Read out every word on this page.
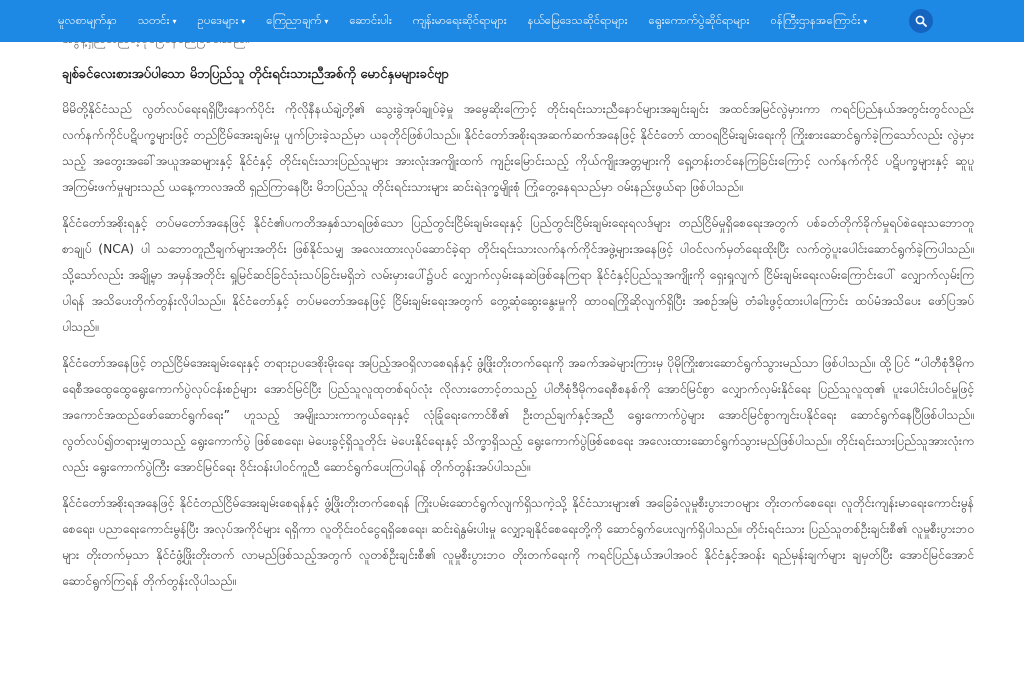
ချစ်ခင်လေးစားအပ်ပါသော မိဘပြည်သူ တိုင်းရင်းသားညီအစ်ကို မောင်နှမများခင်ဗျာ

မိမိတို့နိုင်ငံသည် လွတ်လပ်ရေးရရှိပြီးနောက်ပိုင်း ကိုလိုနီနယ်ချဲ့တို့၏ သွေးခွဲအုပ်ချုပ်ခဲ့မှု အမွေဆိုးကြောင့် တိုင်းရင်းသားညီနောင်များအချင်းချင်း အထင်အမြင်လွဲမှားကာ ကရင်ပြည်နယ်အတွင်းတွင်လည်း လက်နက်ကိုင်ပဋိပက္ခများဖြင့် တည်ငြိမ်အေးချမ်းမှု ပျက်ပြားခဲ့သည်မှာ ယခုတိုင်ဖြစ်ပါသည်။ နိုင်ငံတော်အစိုးရအဆက်ဆက်အနေဖြင့် နိုင်ငံတော် ထာဝရငြိမ်းချမ်းရေးကို ကြိုးစားဆောင်ရွက်ခဲ့ကြသော်လည်း လွဲမှားသည့် အတွေးအခေါ်အယူအဆများနှင့် နိုင်ငံနှင့် တိုင်းရင်းသားပြည်သူများ အားလုံးအကျိုးထက် ကျဉ်းမြောင်းသည့် ကိုယ်ကျိုးအတ္တများကို ရှေ့တန်းတင်နေကြခြင်းကြောင့် လက်နက်ကိုင် ပဋိပက္ခများနှင့် ဆူပူအကြမ်းဖက်မှုများသည် ယနေ့ကာလအထိ ရှည်ကြာနေပြီး မိဘပြည်သူ တိုင်းရင်းသားများ ဆင်းရဲဒုက္ခမျိုးစုံ ကြုံတွေ့နေရသည်မှာ ဝမ်းနည်းဖွယ်ရာ ဖြစ်ပါသည်။

နိုင်ငံတော်အစိုးရနှင့် တပ်မတော်အနေဖြင့် နိုင်ငံ၏ပကတိအနှစ်သာရဖြစ်သော ပြည်တွင်းငြိမ်းချမ်းရေးနှင့် ပြည်တွင်းငြိမ်းချမ်းရေးရလဒ်များ တည်ငြိမ်မှုရှိစေရေးအတွက် ပစ်ခတ်တိုက်ခိုက်မှုရပ်စဲရေးသဘောတူစာချုပ် (NCA) ပါ သဘောတူညီချက်များအတိုင်း ဖြစ်နိုင်သမျှ အလေးထားလုပ်ဆောင်ခဲ့ရာ တိုင်းရင်းသားလက်နက်ကိုင်အဖွဲ့များအနေဖြင့် ပါဝင်လက်မှတ်ရေးထိုးပြီး လက်တွဲပူးပေါင်းဆောင်ရွက်ခဲ့ကြပါသည်။ သို့သော်လည်း အချို့မှာ အမှန်အတိုင်း ရှုမြင်ဆင်ခြင်သုံးသပ်ခြင်းမရှိဘဲ လမ်းမှားပေါ်၌ပင် လျှောက်လှမ်းနေဆဲဖြစ်နေကြရာ နိုင်ငံနှင့်ပြည်သူအကျိုးကို ရှေးရှုလျက် ငြိမ်းချမ်းရေးလမ်းကြောင်းပေါ် လျှောက်လှမ်းကြပါရန် အသိပေးတိုက်တွန်းလိုပါသည်။ နိုင်ငံတော်နှင့် တပ်မတော်အနေဖြင့် ငြိမ်းချမ်းရေးအတွက် တွေ့ဆုံဆွေးနွေးမှုကို ထာဝရကြိုဆိုလျက်ရှိပြီး အစဉ်အမြဲ တံခါးဖွင့်ထားပါကြောင်း ထပ်မံအသိပေး ဖော်ပြအပ်ပါသည်။

နိုင်ငံတော်အနေဖြင့် တည်ငြိမ်အေးချမ်းရေးနှင့် တရားဥပဒေစိုးမိုးရေး အပြည့်အဝရှိလာစေရန်နှင့် ဖွံ့ဖြိုးတိုးတက်ရေးကို အခက်အခဲများကြားမှ ပိုမိုကြိုးစားဆောင်ရွက်သွားမည်သာ ဖြစ်ပါသည်။ ထို့ပြင် “ပါတီစုံဒီမိုကရေစီအထွေထွေရွေးကောက်ပွဲလုပ်ငန်းစဉ်များ အောင်မြင်ပြီး ပြည်သူလူထုတစ်ရပ်လုံး လိုလားတောင့်တသည့် ပါတီစုံဒီမိုကရေစီစနစ်ကို အောင်မြင်စွာ လျှောက်လှမ်းနိုင်ရေး ပြည်သူလူထု၏ ပူးပေါင်းပါဝင်မှုဖြင့် အကောင်အထည်ဖော်ဆောင်ရွက်ရေး” ဟူသည့် အမျိုးသားကာကွယ်ရေးနှင့် လုံခြုံရေးကောင်စီ၏ ဦးတည်ချက်နှင့်အညီ ရွေးကောက်ပွဲများ အောင်မြင်စွာကျင်းပနိုင်ရေး ဆောင်ရွက်နေပြီဖြစ်ပါသည်။ လွတ်လပ်၍တရားမျှတသည့် ရွေးကောက်ပွဲ ဖြစ်စေရေး၊ မဲပေးခွင့်ရှိသူတိုင်း မဲပေးနိုင်ရေးနှင့် သိက္ခာရှိသည့် ရွေးကောက်ပွဲဖြစ်စေရေး အလေးထားဆောင်ရွက်သွားမည်ဖြစ်ပါသည်။ တိုင်းရင်းသားပြည်သူအားလုံးကလည်း ရွေးကောက်ပွဲကြီး အောင်မြင်ရေး ဝိုင်းဝန်းပါဝင်ကူညီ ဆောင်ရွက်ပေးကြပါရန် တိုက်တွန်းအပ်ပါသည်။

နိုင်ငံတော်အစိုးရအနေဖြင့် နိုင်ငံတည်ငြိမ်အေးချမ်းစေရန်နှင့် ဖွံ့ဖြိုးတိုးတက်စေရန် ကြိုးပမ်းဆောင်ရွက်လျက်ရှိသကဲ့သို့ နိုင်ငံသားများ၏ အခြေခံလူမှုစီးပွားဘဝများ တိုးတက်စေရေး၊ လူတိုင်းကျန်းမာရေးကောင်းမွန်စေရေး၊ ပညာရေးကောင်းမွန်ပြီး အလုပ်အကိုင်များ ရရှိကာ လူတိုင်းဝင်ငွေရရှိစေရေး၊ ဆင်းရဲနွမ်းပါးမှု လျှော့ချနိုင်စေရေးတို့ကို ဆောင်ရွက်ပေးလျက်ရှိပါသည်။ တိုင်းရင်းသား ပြည်သူတစ်ဦးချင်းစီ၏ လူမှုစီးပွားဘဝများ တိုးတက်မှသာ နိုင်ငံဖွံ့ဖြိုးတိုးတက် လာမည်ဖြစ်သည့်အတွက် လူတစ်ဦးချင်းစီ၏ လူမှုစီးပွားဘဝ တိုးတက်ရေးကို ကရင်ပြည်နယ်အပါအဝင် နိုင်ငံနှင့်အဝန်း ရည်မှန်းချက်များ ချမှတ်ပြီး အောင်မြင်အောင် ဆောင်ရွက်ကြရန် တိုက်တွန်းလိုပါသည်။

မူလစာမျက်နှာ သတင်း ▾ ဥပဒေများ ▾ ကြေညာချက် ▾ ဆောင်းပါး ကျန်းမာရေးဆိုင်ရာများ နယ်မြေဒေသဆိုင်ရာများ ရွေးကောက်ပွဲဆိုင်ရာများ ဝန်ကြီးဌာနအကြောင်း ▾
